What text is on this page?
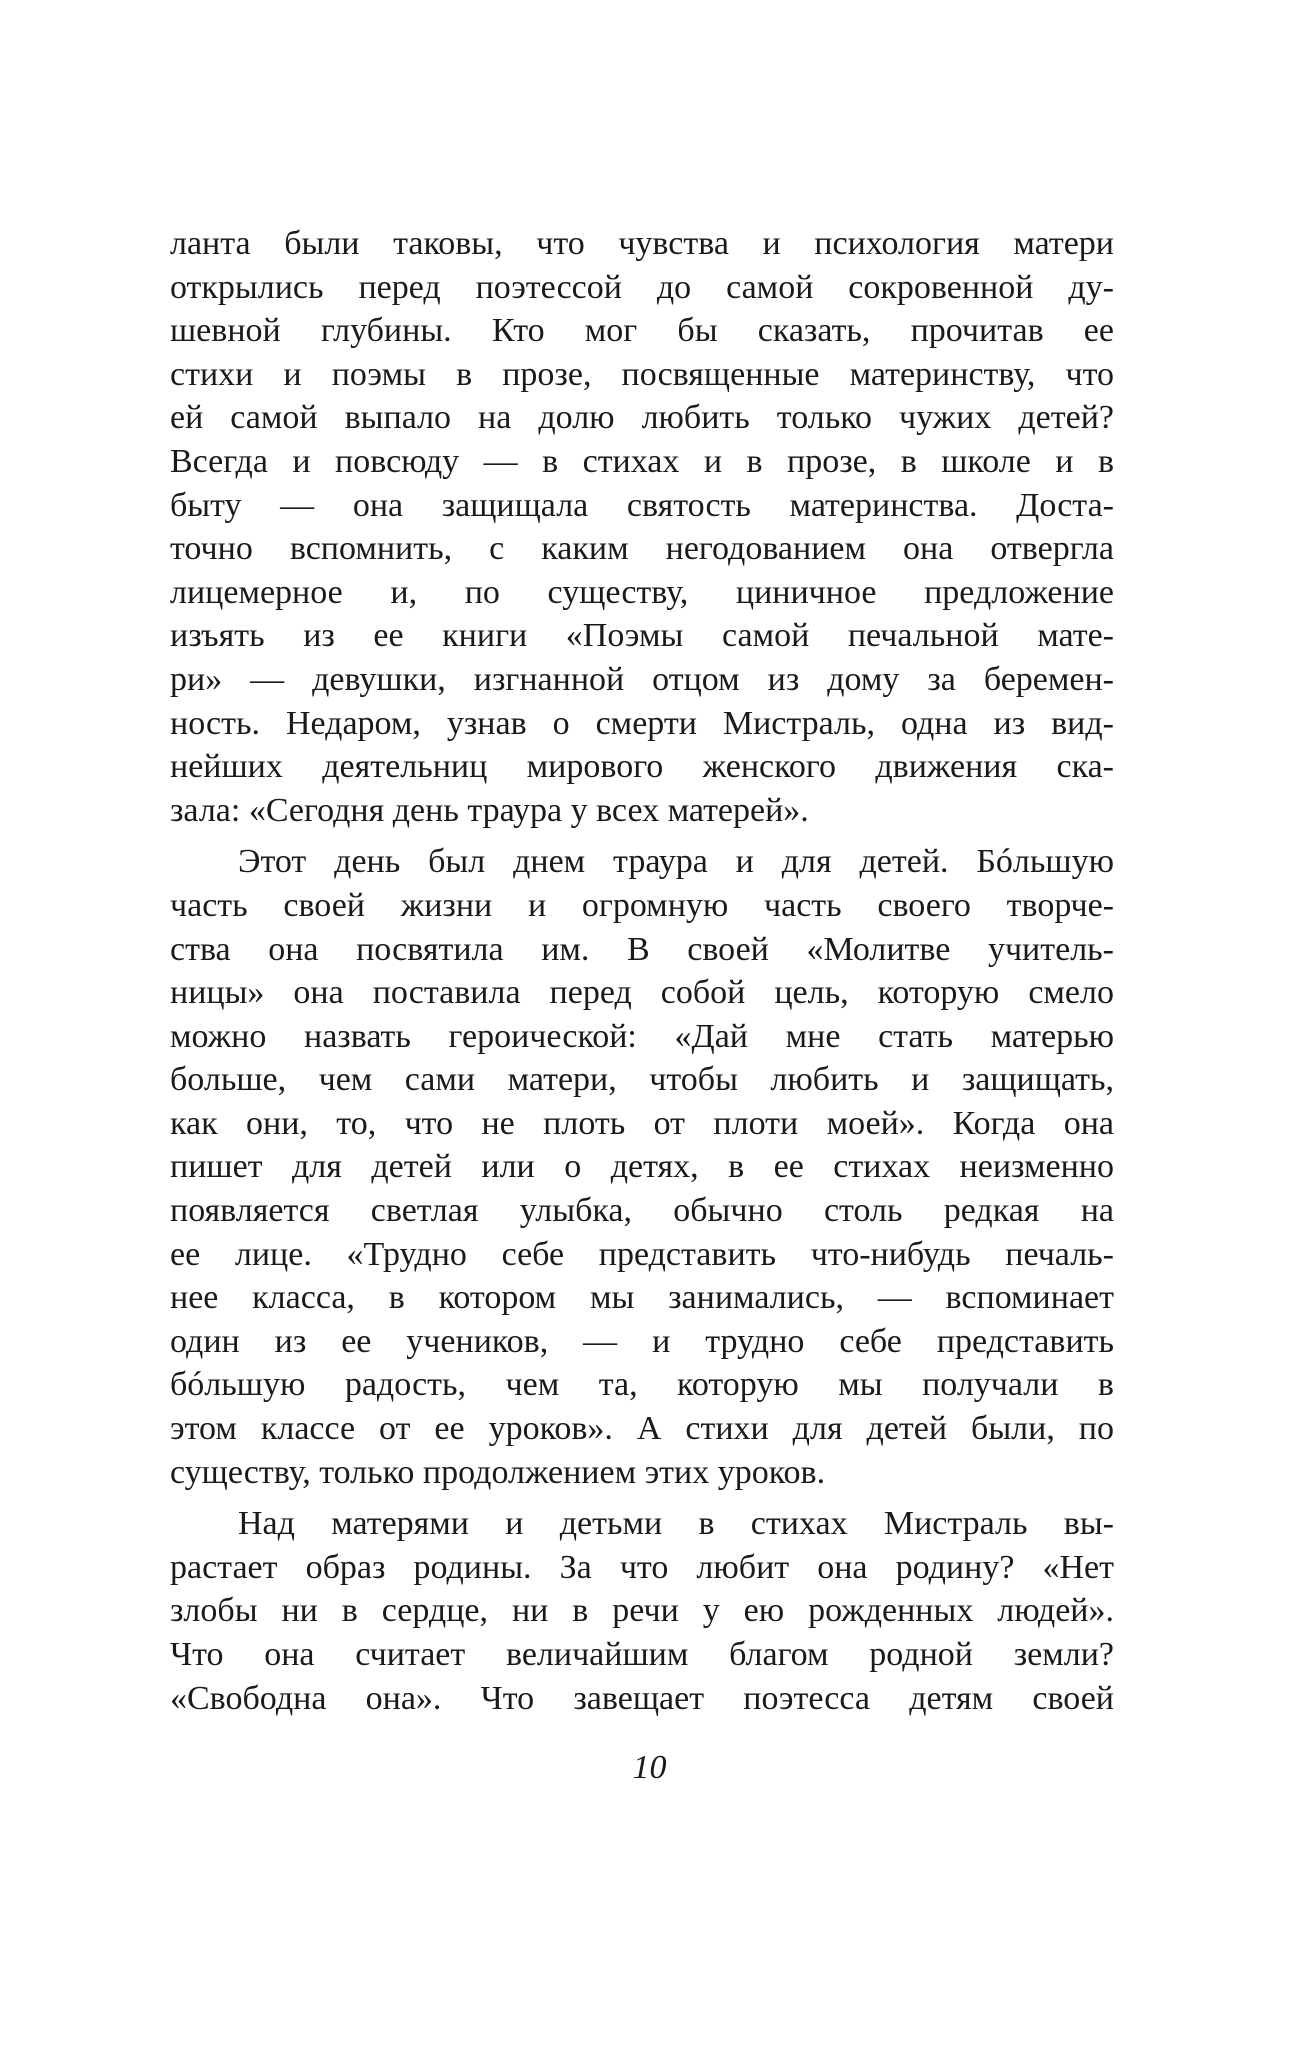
ланта были таковы, что чувства и психология матери
открылись перед поэтессой до самой сокровенной ду-
шевной глубины. Кто мог бы сказать, прочитав ее
стихи и поэмы в прозе, посвященные материнству, что
ей самой выпало на долю любить только чужих детей?
Всегда и повсюду — в стихах и в прозе, в школе и в
быту — она защищала святость материнства. Доста-
точно вспомнить, с каким негодованием она отвергла
лицемерное и, по существу, циничное предложение
изъять из ее книги «Поэмы самой печальной мате-
ри» — девушки, изгнанной отцом из дому за беремен-
ность. Недаром, узнав о смерти Мистраль, одна из вид-
нейших деятельниц мирового женского движения ска-
зала: «Сегодня день траура у всех матерей».
Этот день был днем траура и для детей. Бóльшую
часть своей жизни и огромную часть своего творче-
ства она посвятила им. В своей «Молитве учитель-
ницы» она поставила перед собой цель, которую смело
можно назвать героической: «Дай мне стать матерью
больше, чем сами матери, чтобы любить и защищать,
как они, то, что не плоть от плоти моей». Когда она
пишет для детей или о детях, в ее стихах неизменно
появляется светлая улыбка, обычно столь редкая на
ее лице. «Трудно себе представить что-нибудь печаль-
нее класса, в котором мы занимались, — вспоминает
один из ее учеников, — и трудно себе представить
бóльшую радость, чем та, которую мы получали в
этом классе от ее уроков». А стихи для детей были, по
существу, только продолжением этих уроков.
Над матерями и детьми в стихах Мистраль вы-
растает образ родины. За что любит она родину? «Нет
злобы ни в сердце, ни в речи у ею рожденных людей».
Что она считает величайшим благом родной земли?
«Свободна она». Что завещает поэтесса детям своей
10
